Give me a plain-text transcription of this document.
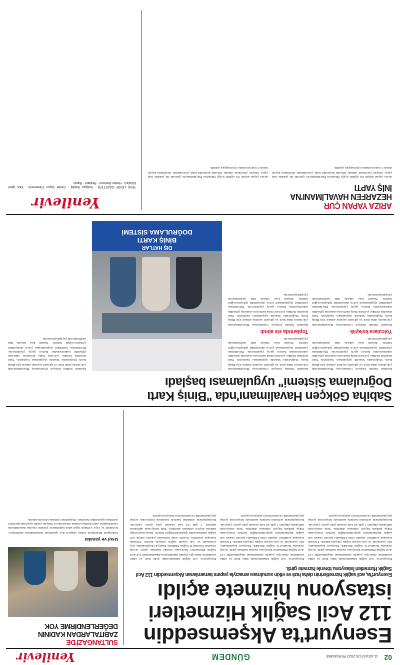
02
11 AĞUSTOS 2022 PERŞEMBE
GÜNDEM
Yenilevir
Esenyurt'ta Akşemseddin
112 Acil Sağlık Hizmetleri
istasyonu hizmete açıldı
Esenyurt'ta, acil sağlık hizmetlerinin daha hızlı ve etkin sunulması amacıyla yapımı tamamlanan Akşemseddin 112 Acil Sağlık Hizmetleri İstasyonu törenle hizmete girdi.
Esenyurt'ta, acil sağlık hizmetlerinin daha hızlı ve etkin sunulması amacıyla yapımı tamamlanan Akşemseddin 112 Acil Sağlık Hizmetleri İstasyonu törenle hizmete girdi. Açılış törenine İstanbul İl Sağlık Müdürü, Esenyurt Kaymakamı, ilçe protokolü ve çok sayıda sağlık çalışanı katıldı. Törende konuşan yetkililer, ilçenin artan nüfusuna paralel olarak acil sağlık hizmetlerinin güçlendirildiğini belirtti. İstasyonun bölge halkına hayırlı olmasını dilediler. Yeni istasyonda ambulans ekipleri 7 gün 24 saat esasına göre görev yapacak. Konuşmaların ardından kurdele kesilerek istasyonun açılışı gerçekleştirildi ve katılımcılar istasyonu gezdi.
Esenyurt'ta, acil sağlık hizmetlerinin daha hızlı ve etkin sunulması amacıyla yapımı tamamlanan Akşemseddin 112 Acil Sağlık Hizmetleri İstasyonu törenle hizmete girdi. Açılış törenine İstanbul İl Sağlık Müdürü, Esenyurt Kaymakamı, ilçe protokolü ve çok sayıda sağlık çalışanı katıldı. Törende konuşan yetkililer, ilçenin artan nüfusuna paralel olarak acil sağlık hizmetlerinin güçlendirildiğini belirtti. İstasyonun bölge halkına hayırlı olmasını dilediler. Yeni istasyonda ambulans ekipleri 7 gün 24 saat esasına göre görev yapacak. Konuşmaların ardından kurdele kesilerek istasyonun açılışı gerçekleştirildi ve katılımcılar istasyonu gezdi.
Esenyurt'ta, acil sağlık hizmetlerinin daha hızlı ve etkin sunulması amacıyla yapımı tamamlanan Akşemseddin 112 Acil Sağlık Hizmetleri İstasyonu törenle hizmete girdi. Açılış törenine İstanbul İl Sağlık Müdürü, Esenyurt Kaymakamı, ilçe protokolü ve çok sayıda sağlık çalışanı katıldı. Törende konuşan yetkililer, ilçenin artan nüfusuna paralel olarak acil sağlık hizmetlerinin güçlendirildiğini belirtti. İstasyonun bölge halkına hayırlı olmasını dilediler. Yeni istasyonda ambulans ekipleri 7 gün 24 saat esasına göre görev yapacak. Konuşmaların ardından kurdele kesilerek istasyonun açılışı gerçekleştirildi ve katılımcılar istasyonu gezdi.
SULTANGAZİ'DE
ZABITALARDAN KADININ
DEĞERLENDİRME YOK
Usul ve yasalar
Sultangazi Belediyesi zabıta ekipleri ilçe genelinde denetimlerini sürdürüyor. Kaldırım ve yaya yollarını işgal eden işletmelere yönelik yapılan denetimlerde vatandaşların rahat hareket etmesi amaçlanıyor. Ekipler esnafı uyararak kurallara uyulması gerektiğini hatırlattı. Denetimler aralıksız devam edecek.
Sabiha Gökçen Havalimanı'nda "Biniş Kartı
Doğrulama Sistemi" uygulaması başladı
İstanbul Sabiha Gökçen Uluslararası Havalimanı'nda yolcuların daha hızlı ve güvenli seyahat etmesi için Biniş Kartı Doğrulama Sistemi uygulaması başlatıldı. Yeni sistemle birlikte yolcular biniş kartlarını okutarak güvenlik noktalarından hızlıca geçiş yapabilecek. Havalimanı yetkilileri uygulamanın yolcu deneyimini iyileştireceğini belirtti. Sistem kısa sürede tüm terminallerde yaygınlaştırılacak.
Yolculara kolaylık
İstanbul Sabiha Gökçen Uluslararası Havalimanı'nda yolcuların daha hızlı ve güvenli seyahat etmesi için Biniş Kartı Doğrulama Sistemi uygulaması başlatıldı. Yeni sistemle birlikte yolcular biniş kartlarını okutarak güvenlik noktalarından hızlıca geçiş yapabilecek. Havalimanı yetkilileri uygulamanın yolcu deneyimini iyileştireceğini belirtti. Sistem kısa sürede tüm terminallerde yaygınlaştırılacak.
İstanbul Sabiha Gökçen Uluslararası Havalimanı'nda yolcuların daha hızlı ve güvenli seyahat etmesi için Biniş Kartı Doğrulama Sistemi uygulaması başlatıldı. Yeni sistemle birlikte yolcular biniş kartlarını okutarak güvenlik noktalarından hızlıca geçiş yapabilecek. Havalimanı yetkilileri uygulamanın yolcu deneyimini iyileştireceğini belirtti. Sistem kısa sürede tüm terminallerde yaygınlaştırılacak.
Toplantıda ele alındı
İstanbul Sabiha Gökçen Uluslararası Havalimanı'nda yolcuların daha hızlı ve güvenli seyahat etmesi için Biniş Kartı Doğrulama Sistemi uygulaması başlatıldı. Yeni sistemle birlikte yolcular biniş kartlarını okutarak güvenlik noktalarından hızlıca geçiş yapabilecek. Havalimanı yetkilileri uygulamanın yolcu deneyimini iyileştireceğini belirtti. Sistem kısa sürede tüm terminallerde yaygınlaştırılacak.
DIŞ HATLAR
BİNİŞ KARTI
DOĞRULAMA SİSTEMİ
İstanbul Sabiha Gökçen Uluslararası Havalimanı'nda yolcuların daha hızlı ve güvenli seyahat etmesi için Biniş Kartı Doğrulama Sistemi uygulaması başlatıldı. Yeni sistemle birlikte yolcular biniş kartlarını okutarak güvenlik noktalarından hızlıca geçiş yapabilecek. Havalimanı yetkilileri uygulamanın yolcu deneyimini iyileştireceğini belirtti. Sistem kısa sürede tüm terminallerde yaygınlaştırılacak.
ARIZA YAPAN ÇUR
HEZARFEN HAVALİMANI'NA
İNİŞ YAPTI
Arıza yapan küçük bir eğitim uçağı Hezarfen Havalimanı'na güvenli bir şekilde iniş yaptı. Olayda yaralanan olmadı. Pilotun kontrollü inişi çevredekiler tarafından kayda alındı. Uçak inceleme için hangara çekildi.
Arıza yapan küçük bir eğitim uçağı Hezarfen Havalimanı'na güvenli bir şekilde iniş yaptı. Olayda yaralanan olmadı. Pilotun kontrollü inişi çevredekiler tarafından kayda alındı. Uçak inceleme için hangara çekildi.
Yenilevir
YENİ LEVİR GAZETESİ · İmtiyaz Sahibi · Genel Yayın Yönetmeni · Yazı İşleri Müdürü · Haber Merkezi · Reklam · Baskı
